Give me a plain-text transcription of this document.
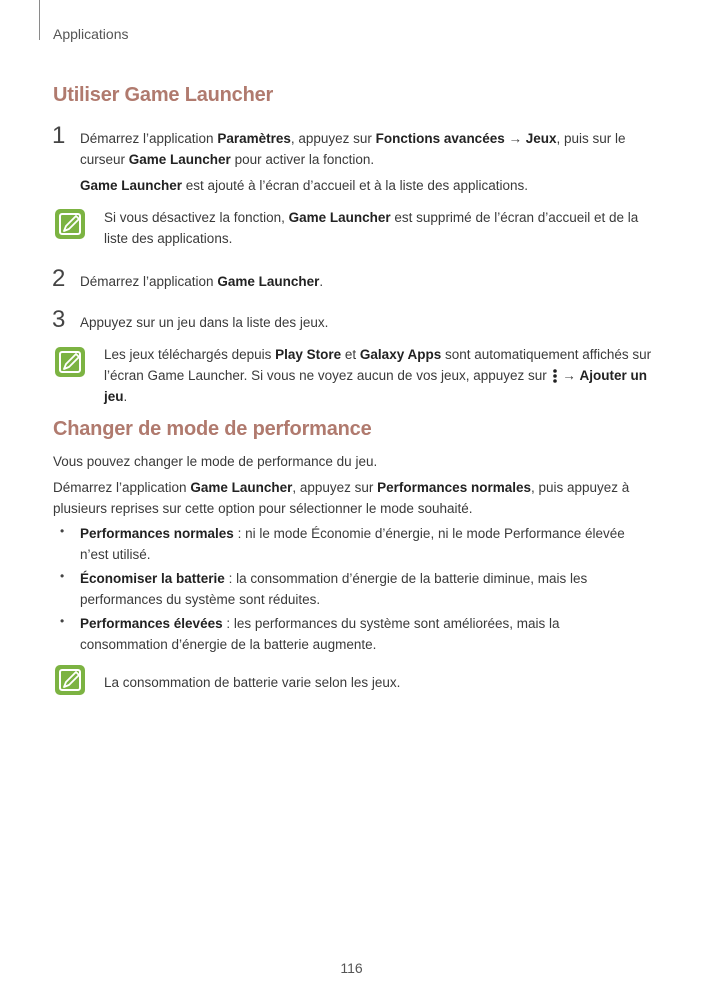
Applications
Utiliser Game Launcher
1 Démarrez l’application Paramètres, appuyez sur Fonctions avancées → Jeux, puis sur le curseur Game Launcher pour activer la fonction.
Game Launcher est ajouté à l’écran d’accueil et à la liste des applications.
Si vous désactivez la fonction, Game Launcher est supprimé de l’écran d’accueil et de la liste des applications.
2 Démarrez l’application Game Launcher.
3 Appuyez sur un jeu dans la liste des jeux.
Les jeux téléchargés depuis Play Store et Galaxy Apps sont automatiquement affichés sur l’écran Game Launcher. Si vous ne voyez aucun de vos jeux, appuyez sur  → Ajouter un jeu.
Changer de mode de performance
Vous pouvez changer le mode de performance du jeu.
Démarrez l’application Game Launcher, appuyez sur Performances normales, puis appuyez à plusieurs reprises sur cette option pour sélectionner le mode souhaité.
• Performances normales : ni le mode Économie d’énergie, ni le mode Performance élevée n’est utilisé.
• Économiser la batterie : la consommation d’énergie de la batterie diminue, mais les performances du système sont réduites.
• Performances élevées : les performances du système sont améliorées, mais la consommation d’énergie de la batterie augmente.
La consommation de batterie varie selon les jeux.
116
